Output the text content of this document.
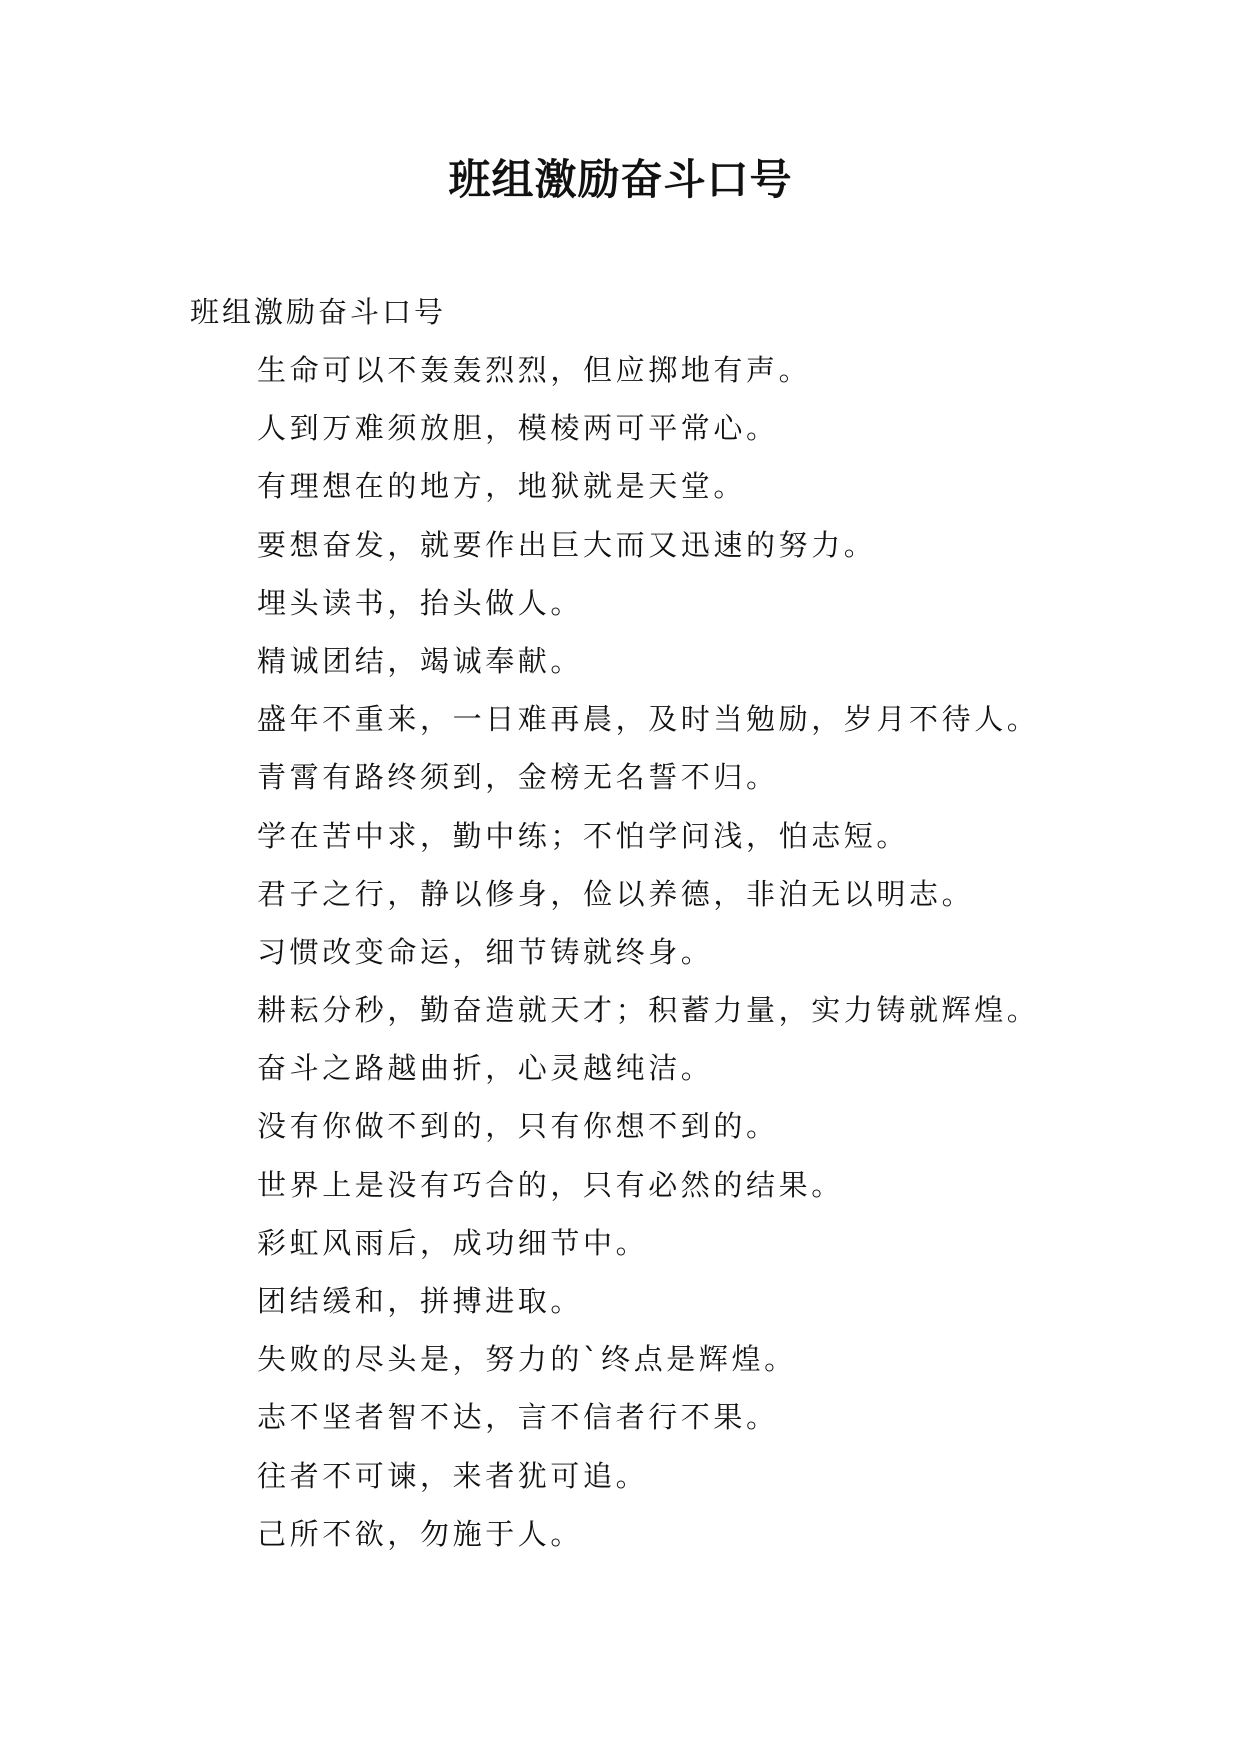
班组激励奋斗口号
班组激励奋斗口号
生命可以不轰轰烈烈，但应掷地有声。
人到万难须放胆，模棱两可平常心。
有理想在的地方，地狱就是天堂。
要想奋发，就要作出巨大而又迅速的努力。
埋头读书，抬头做人。
精诚团结，竭诚奉献。
盛年不重来，一日难再晨，及时当勉励，岁月不待人。
青霄有路终须到，金榜无名誓不归。
学在苦中求，勤中练；不怕学问浅，怕志短。
君子之行，静以修身，俭以养德，非泊无以明志。
习惯改变命运，细节铸就终身。
耕耘分秒，勤奋造就天才；积蓄力量，实力铸就辉煌。
奋斗之路越曲折，心灵越纯洁。
没有你做不到的，只有你想不到的。
世界上是没有巧合的，只有必然的结果。
彩虹风雨后，成功细节中。
团结缓和，拼搏进取。
失败的尽头是，努力的`终点是辉煌。
志不坚者智不达，言不信者行不果。
往者不可谏，来者犹可追。
己所不欲，勿施于人。
